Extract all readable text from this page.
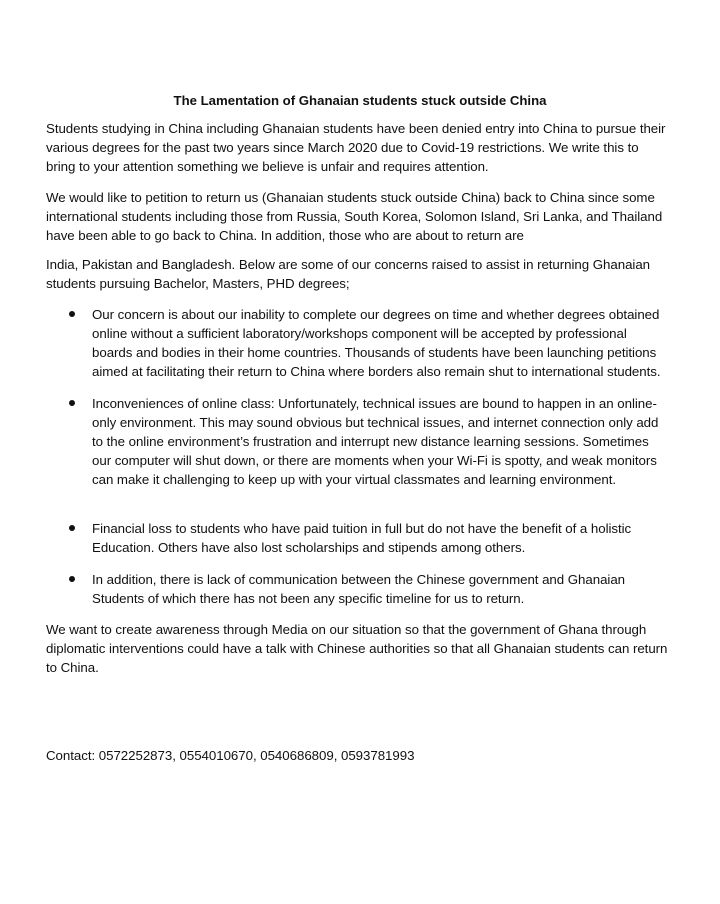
The Lamentation of Ghanaian students stuck outside China

Students studying in China including Ghanaian students have been denied entry into China to pursue their various degrees for the past two years since March 2020 due to Covid-19 restrictions. We write this to bring to your attention something we believe is unfair and requires attention.

We would like to petition to return us (Ghanaian students stuck outside China) back to China since some international students including those from Russia, South Korea, Solomon Island, Sri Lanka, and Thailand have been able to go back to China. In addition, those who are about to return are

India, Pakistan and Bangladesh. Below are some of our concerns raised to assist in returning Ghanaian students pursuing Bachelor, Masters, PHD degrees;

Our concern is about our inability to complete our degrees on time and whether degrees obtained online without a sufficient laboratory/workshops component will be accepted by professional boards and bodies in their home countries. Thousands of students have been launching petitions aimed at facilitating their return to China where borders also remain shut to international students.
Inconveniences of online class: Unfortunately, technical issues are bound to happen in an online-only environment. This may sound obvious but technical issues, and internet connection only add to the online environment’s frustration and interrupt new distance learning sessions. Sometimes our computer will shut down, or there are moments when your Wi-Fi is spotty, and weak monitors can make it challenging to keep up with your virtual classmates and learning environment.
Financial loss to students who have paid tuition in full but do not have the benefit of a holistic Education. Others have also lost scholarships and stipends among others.
In addition, there is lack of communication between the Chinese government and Ghanaian Students of which there has not been any specific timeline for us to return.

We want to create awareness through Media on our situation so that the government of Ghana through diplomatic interventions could have a talk with Chinese authorities so that all Ghanaian students can return to China.

Contact: 0572252873, 0554010670, 0540686809, 0593781993
